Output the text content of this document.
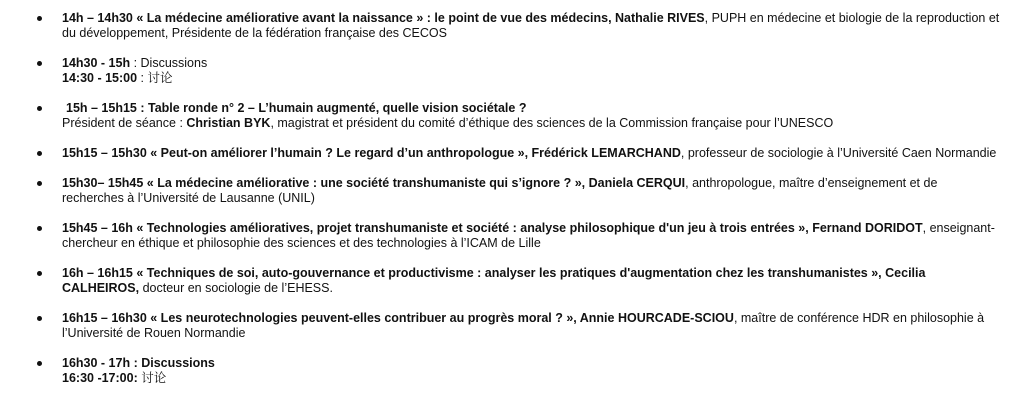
14h – 14h30 « La médecine améliorative avant la naissance » : le point de vue des médecins, Nathalie RIVES, PUPH en médecine et biologie de la reproduction et du développement, Présidente de la fédération française des CECOS
14h30 - 15h : Discussions
14:30 - 15:00 : 讨论
15h – 15h15 : Table ronde n° 2 – L’humain augmenté, quelle vision sociétale ?
Président de séance : Christian BYK, magistrat et président du comité d’éthique des sciences de la Commission française pour l’UNESCO
15h15 – 15h30 « Peut-on améliorer l’humain ? Le regard d’un anthropologue », Frédérick LEMARCHAND, professeur de sociologie à l’Université Caen Normandie
15h30– 15h45 « La médecine améliorative : une société transhumaniste qui s’ignore ? », Daniela CERQUI, anthropologue, maître d’enseignement et de recherches à l’Université de Lausanne (UNIL)
15h45 – 16h « Technologies amélioratives, projet transhumaniste et société : analyse philosophique d'un jeu à trois entrées », Fernand DORIDOT, enseignant-chercheur en éthique et philosophie des sciences et des technologies à l’ICAM de Lille
16h – 16h15 « Techniques de soi, auto-gouvernance et productivisme : analyser les pratiques d'augmentation chez les transhumanistes », Cecilia CALHEIROS, docteur en sociologie de l’EHESS.
16h15 – 16h30 « Les neurotechnologies peuvent-elles contribuer au progrès moral ? », Annie HOURCADE-SCIOU, maître de conférence HDR en philosophie à l’Université de Rouen Normandie
16h30 - 17h : Discussions
16:30 -17:00: 讨论
